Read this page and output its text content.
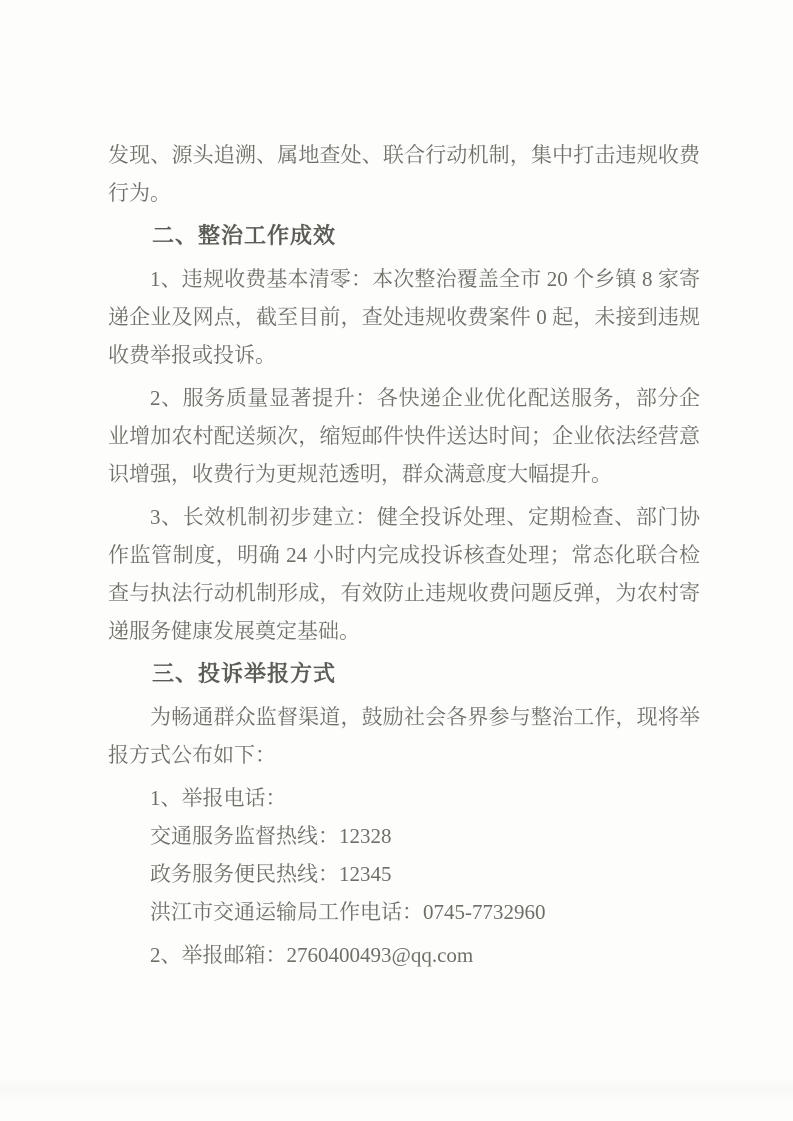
发现、源头追溯、属地查处、联合行动机制，集中打击违规收费
行为。
二、整治工作成效
1、违规收费基本清零：本次整治覆盖全市 20 个乡镇 8 家寄
递企业及网点，截至目前，查处违规收费案件 0 起，未接到违规
收费举报或投诉。
2、服务质量显著提升：各快递企业优化配送服务，部分企
业增加农村配送频次，缩短邮件快件送达时间；企业依法经营意
识增强，收费行为更规范透明，群众满意度大幅提升。
3、长效机制初步建立：健全投诉处理、定期检查、部门协
作监管制度，明确 24 小时内完成投诉核查处理；常态化联合检
查与执法行动机制形成，有效防止违规收费问题反弹，为农村寄
递服务健康发展奠定基础。
三、投诉举报方式
为畅通群众监督渠道，鼓励社会各界参与整治工作，现将举
报方式公布如下：
1、举报电话：
交通服务监督热线：12328
政务服务便民热线：12345
洪江市交通运输局工作电话：0745-7732960
2、举报邮箱：2760400493@qq.com
